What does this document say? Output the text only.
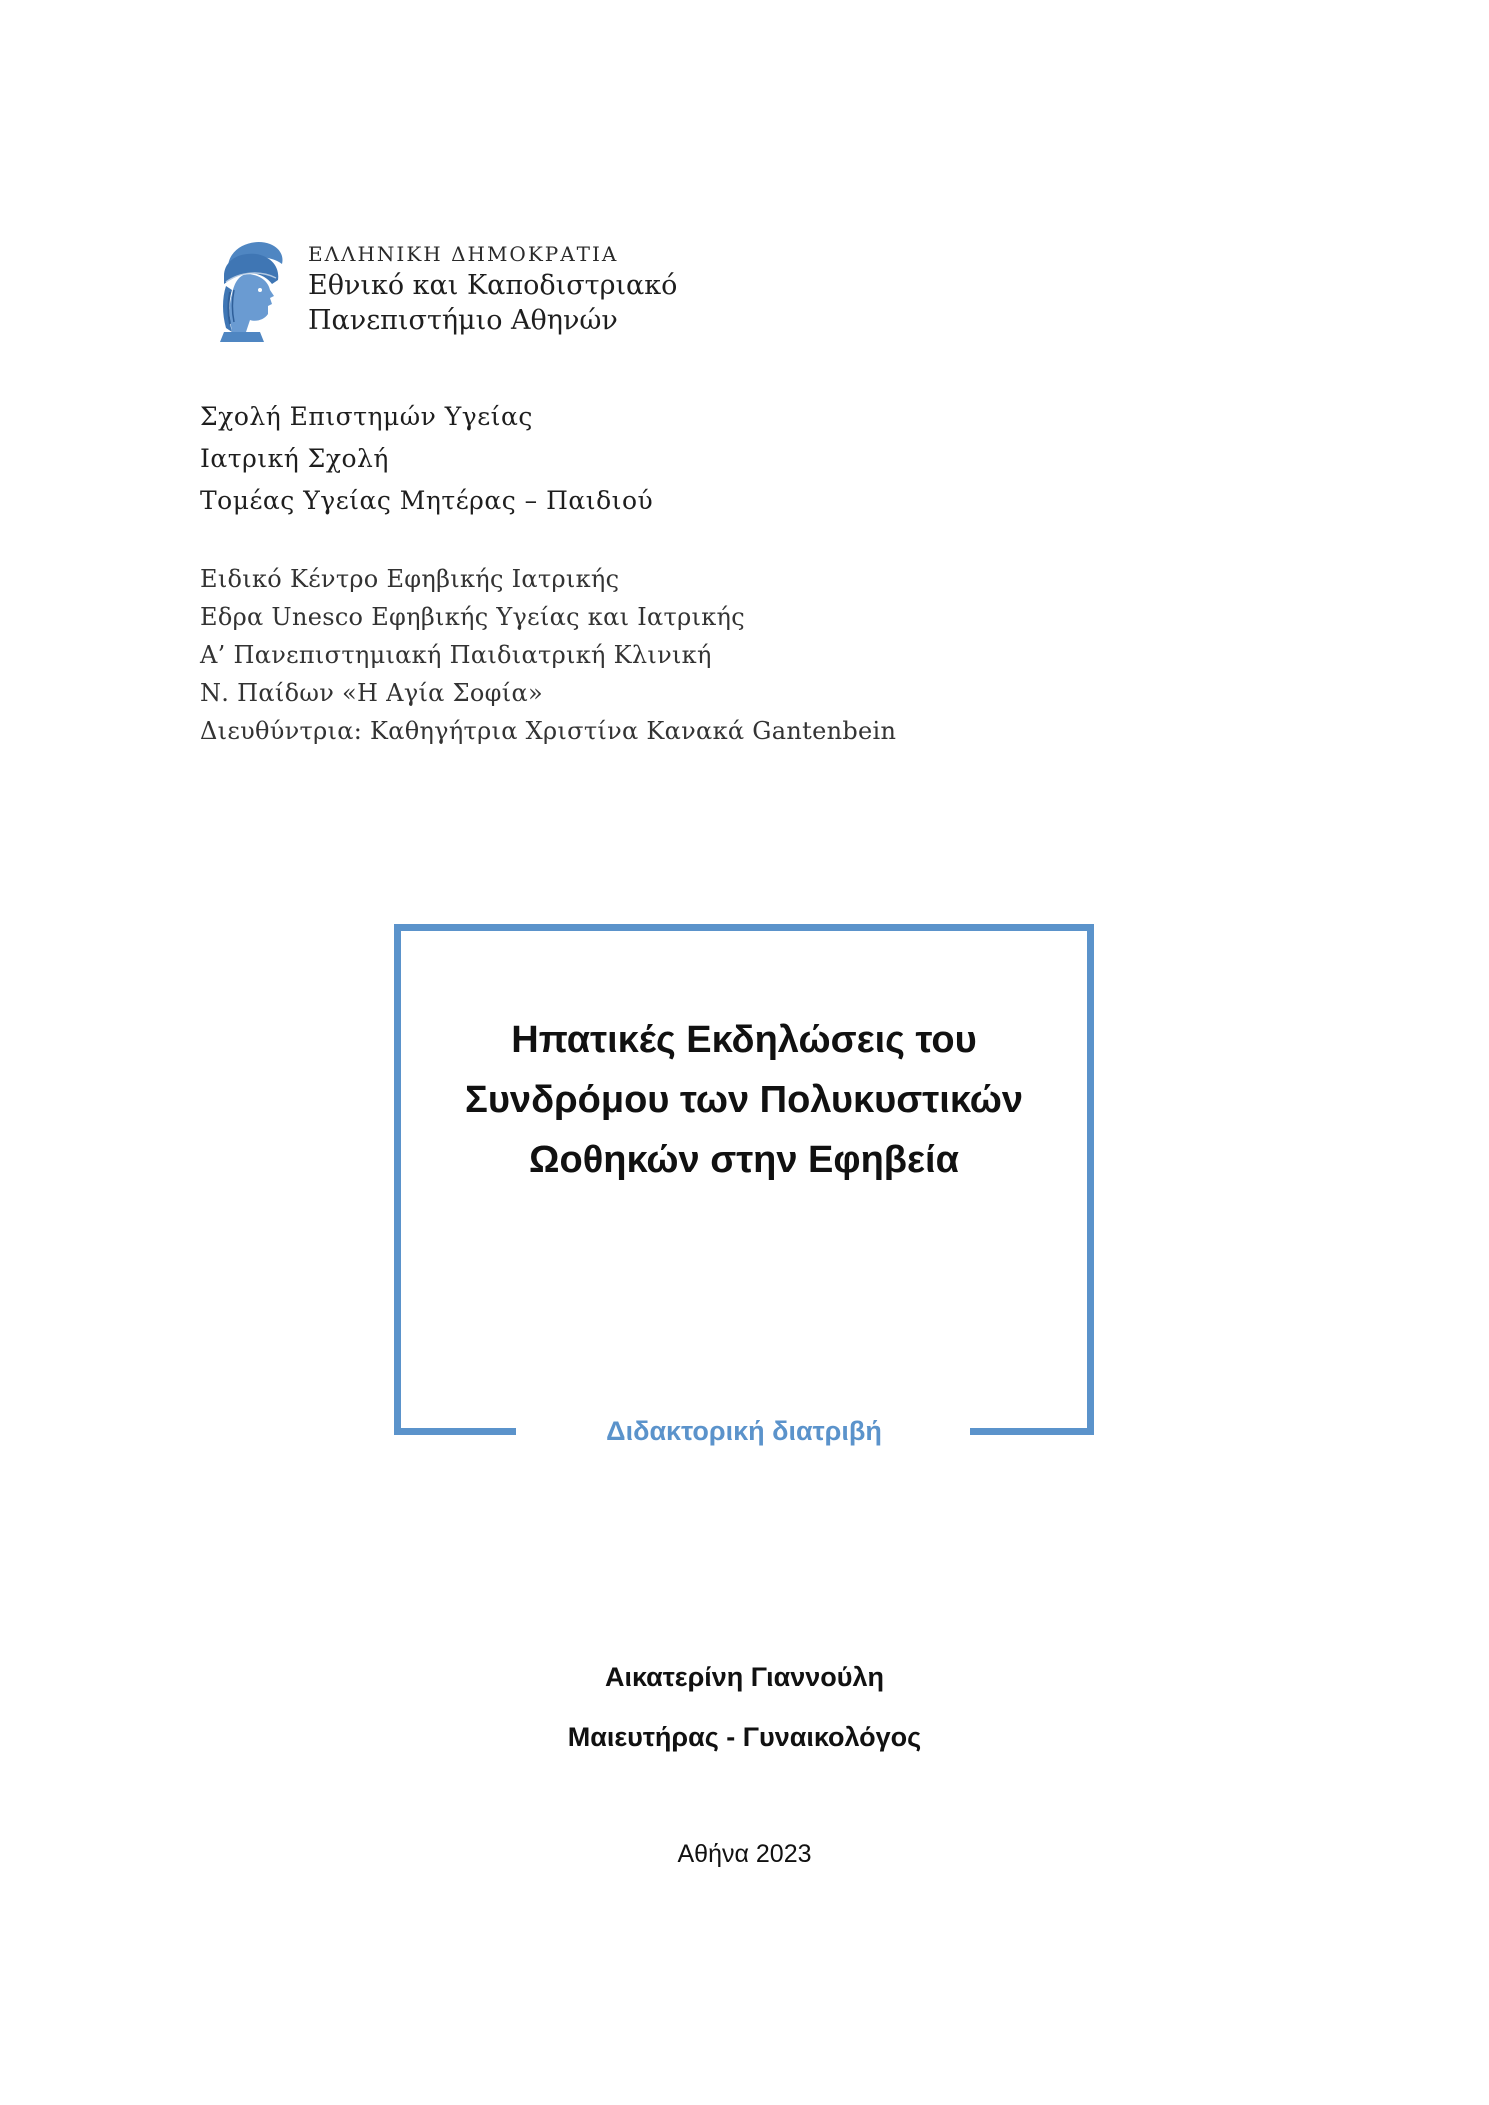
ΕΛΛΗΝΙΚΗ ΔΗΜΟΚΡΑΤΙΑ
Εθνικό και Καποδιστριακό
Πανεπιστήμιο Αθηνών
Σχολή Επιστημών Υγείας
Ιατρική Σχολή
Τομέας Υγείας Μητέρας – Παιδιού
Ειδικό Κέντρο Εφηβικής Ιατρικής
Εδρα Unesco Εφηβικής Υγείας και Ιατρικής
Α’ Πανεπιστημιακή Παιδιατρική Κλινική
Ν. Παίδων «Η Αγία Σοφία»
Διευθύντρια: Καθηγήτρια Χριστίνα Κανακά Gantenbein
Ηπατικές Εκδηλώσεις του
Συνδρόμου των Πολυκυστικών
Ωοθηκών στην Εφηβεία
Διδακτορική διατριβή
Αικατερίνη Γιαννούλη
Μαιευτήρας - Γυναικολόγος
Αθήνα 2023
